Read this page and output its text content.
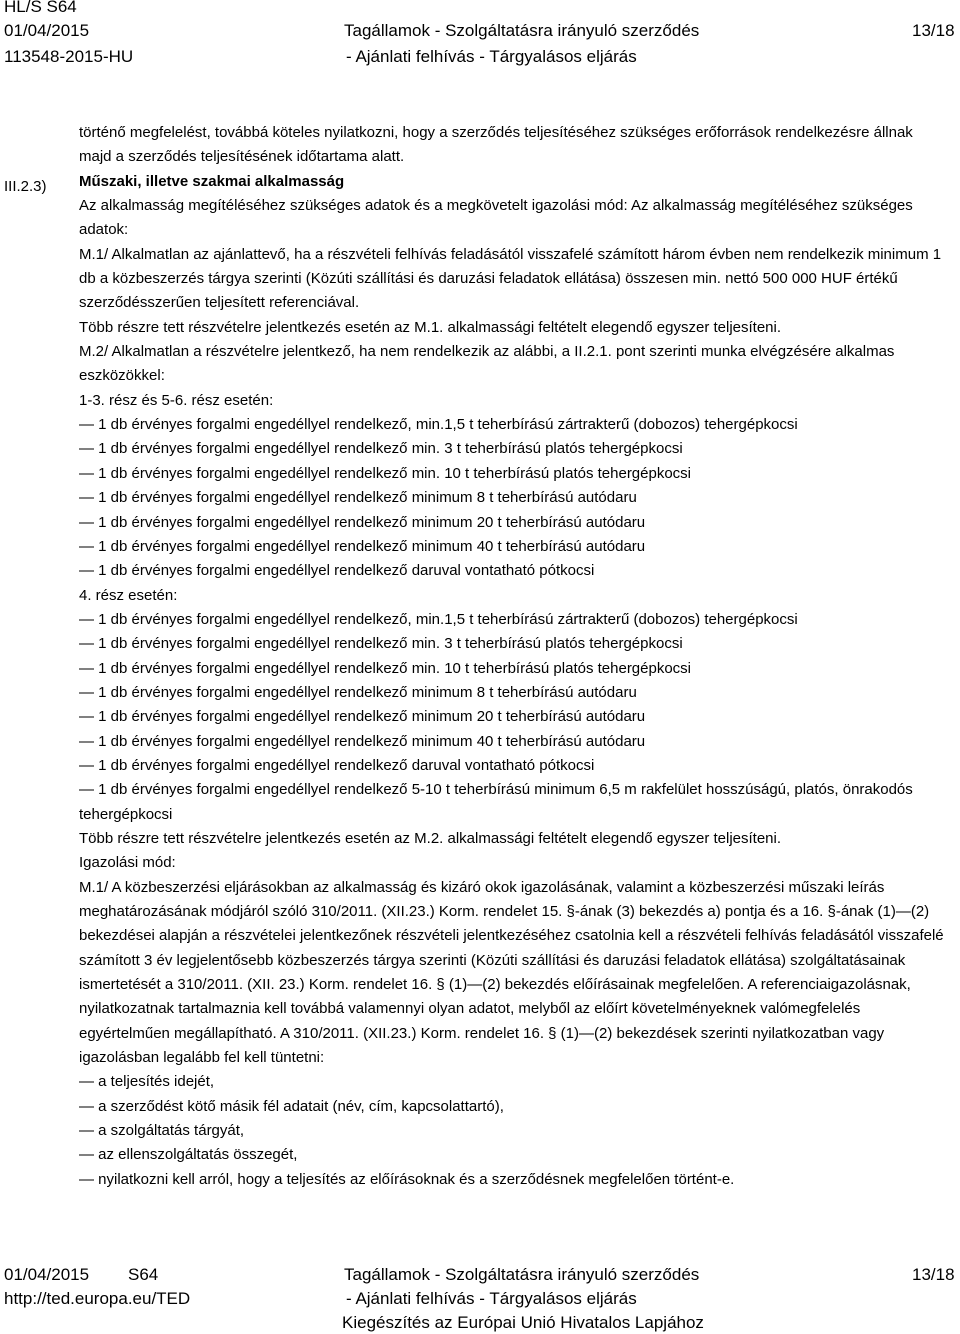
HL/S S64
01/04/2015
113548-2015-HU
Tagállamok - Szolgáltatásra irányuló szerződés
- Ajánlati felhívás - Tárgyalásos eljárás
13/18
III.2.3)

történő megfelelést, továbbá köteles nyilatkozni, hogy a szerződés teljesítéséhez szükséges erőforrások rendelkezésre állnak majd a szerződés teljesítésének időtartama alatt.

Műszaki, illetve szakmai alkalmasság

Az alkalmasság megítéléséhez szükséges adatok és a megkövetelt igazolási mód: Az alkalmasság megítéléséhez szükséges adatok:

M.1/ Alkalmatlan az ajánlattevő, ha a részvételi felhívás feladásától visszafelé számított három évben nem rendelkezik minimum 1 db a közbeszerzés tárgya szerinti (Közúti szállítási és daruzási feladatok ellátása) összesen min. nettó 500 000 HUF értékű szerződésszerűen teljesített referenciával.

Több részre tett részvételre jelentkezés esetén az M.1. alkalmassági feltételt elegendő egyszer teljesíteni.

M.2/ Alkalmatlan a részvételre jelentkező, ha nem rendelkezik az alábbi, a II.2.1. pont szerinti munka elvégzésére alkalmas eszközökkel:

1-3. rész és 5-6. rész esetén:

— 1 db érvényes forgalmi engedéllyel rendelkező, min.1,5 t teherbírású zártrakterű (dobozos) tehergépkocsi

— 1 db érvényes forgalmi engedéllyel rendelkező min. 3 t teherbírású platós tehergépkocsi

— 1 db érvényes forgalmi engedéllyel rendelkező min. 10 t teherbírású platós tehergépkocsi

— 1 db érvényes forgalmi engedéllyel rendelkező minimum 8 t teherbírású autódaru

— 1 db érvényes forgalmi engedéllyel rendelkező minimum 20 t teherbírású autódaru

— 1 db érvényes forgalmi engedéllyel rendelkező minimum 40 t teherbírású autódaru

— 1 db érvényes forgalmi engedéllyel rendelkező daruval vontatható pótkocsi

4. rész esetén:

— 1 db érvényes forgalmi engedéllyel rendelkező, min.1,5 t teherbírású zártrakterű (dobozos) tehergépkocsi

— 1 db érvényes forgalmi engedéllyel rendelkező min. 3 t teherbírású platós tehergépkocsi

— 1 db érvényes forgalmi engedéllyel rendelkező min. 10 t teherbírású platós tehergépkocsi

— 1 db érvényes forgalmi engedéllyel rendelkező minimum 8 t teherbírású autódaru

— 1 db érvényes forgalmi engedéllyel rendelkező minimum 20 t teherbírású autódaru

— 1 db érvényes forgalmi engedéllyel rendelkező minimum 40 t teherbírású autódaru

— 1 db érvényes forgalmi engedéllyel rendelkező daruval vontatható pótkocsi

— 1 db érvényes forgalmi engedéllyel rendelkező 5-10 t teherbírású minimum 6,5 m rakfelület hosszúságú, platós, önrakodós tehergépkocsi

Több részre tett részvételre jelentkezés esetén az M.2. alkalmassági feltételt elegendő egyszer teljesíteni.

Igazolási mód:

M.1/ A közbeszerzési eljárásokban az alkalmasság és kizáró okok igazolásának, valamint a közbeszerzési műszaki leírás meghatározásának módjáról szóló 310/2011. (XII.23.) Korm. rendelet 15. §-ának (3) bekezdés a) pontja és a 16. §-ának (1)—(2) bekezdései alapján a részvételei jelentkezőnek részvételi jelentkezéséhez csatolnia kell a részvételi felhívás feladásától visszafelé számított 3 év legjelentősebb közbeszerzés tárgya szerinti (Közúti szállítási és daruzási feladatok ellátása) szolgáltatásainak ismertetését a 310/2011. (XII. 23.) Korm. rendelet 16. § (1)—(2) bekezdés előírásainak megfelelően. A referenciaigazolásnak, nyilatkozatnak tartalmaznia kell továbbá valamennyi olyan adatot, melyből az előírt követelményeknek valómegfelelés egyértelműen megállapítható. A 310/2011. (XII.23.) Korm. rendelet 16. § (1)—(2) bekezdések szerinti nyilatkozatban vagy igazolásban legalább fel kell tüntetni:

— a teljesítés idejét,

— a szerződést kötő másik fél adatait (név, cím, kapcsolattartó),

— a szolgáltatás tárgyát,

— az ellenszolgáltatás összegét,

— nyilatkozni kell arról, hogy a teljesítés az előírásoknak és a szerződésnek megfelelően történt-e.

01/04/2015 S64
http://ted.europa.eu/TED
Tagállamok - Szolgáltatásra irányuló szerződés
- Ajánlati felhívás - Tárgyalásos eljárás
Kiegészítés az Európai Unió Hivatalos Lapjához
13/18
